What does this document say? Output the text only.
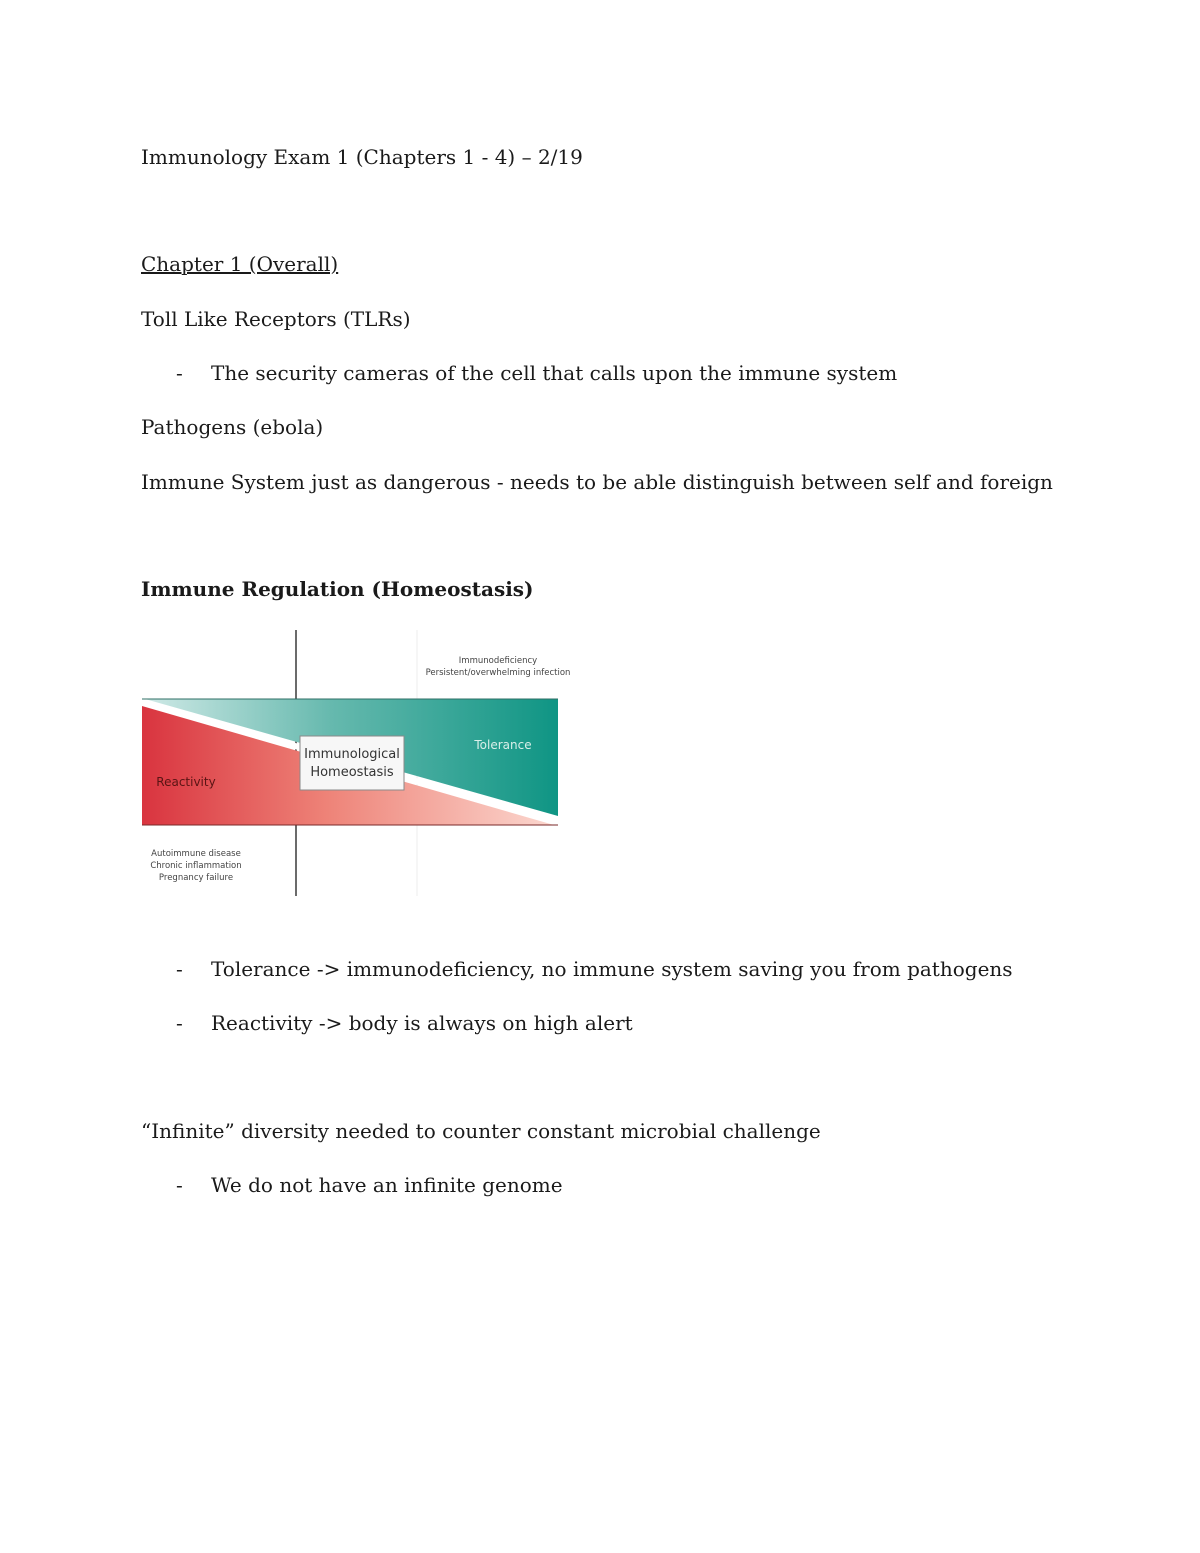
Immunology Exam 1 (Chapters 1 - 4) – 2/19
Chapter 1 (Overall)
Toll Like Receptors (TLRs)
- The security cameras of the cell that calls upon the immune system
Pathogens (ebola)
Immune System just as dangerous - needs to be able distinguish between self and foreign
Immune Regulation (Homeostasis)
Immunological
Homeostasis
Tolerance
Reactivity
Immunodeficiency
Persistent/overwhelming infection
Autoimmune disease
Chronic inflammation
Pregnancy failure
- Tolerance -> immunodeficiency, no immune system saving you from pathogens
- Reactivity -> body is always on high alert
“Infinite” diversity needed to counter constant microbial challenge
- We do not have an infinite genome
